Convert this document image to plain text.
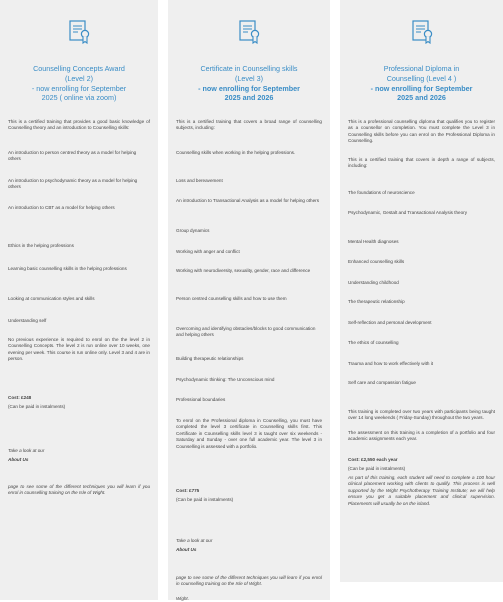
Counselling Concepts Award
(Level 2)
- now enrolling for September
2025 ( online via zoom)

This is a certified training that provides a good basic knowledge of Counselling theory and an introduction to Counselling skills:

An introduction to person centred theory as a model for helping others

An introduction to psychodynamic theory as a model for helping others

An introduction to CBT as a model for helping others

Ethics in the helping professions

Learning basic counselling skills in the helping professions

Looking at communication styles and skills

Understanding self

No previous experience is required to enrol on the the level 2 in Counselling Concepts. The level 2 is run online over 10 weeks, one evening per week. This course is run online only. Level 3 and 4 are in person.

Cost: £248

(Can be paid in instalments)

Take a look at our

About Us

page to see some of the different techniques you will learn if you enrol in counselling training on the Isle of Wight.

Certificate in Counselling skills
(Level 3)
- now enrolling for September
2025 and 2026

This is a certified training that covers a broad range of counselling subjects, including:

Counselling skills when working in the helping professions.

Loss and bereavement

An introduction to Transactional Analysis as a model for helping others

Group dynamics

Working with anger and conflict

Working with neurodiversity, sexuality, gender, race and difference

Person centred counselling skills and how to use them

Overcoming and identifying obstacles/blocks to good communication and helping others

Building therapeutic relationships

Psychodynamic thinking: The Unconscious mind

Professional boundaries

To enrol on the Professional diploma in Counselling, you must have completed the level 3 certificate in Counselling skills first. This Certificate in Counselling skills level 3 is taught over six weekends - Saturday and Sunday - over one full academic year. The level 3 in Counselling is assessed with a portfolio.

Cost: £775

(Can be paid in instalments)

Take a look at our

About Us

page to see some of the different techniques you will learn if you enrol in counselling training on the Isle of Wight.

Professional Diploma in
Counselling (Level 4 )
- now enrolling for September
2025 and 2026

This is a professional counselling diploma that qualifies you to register as a counsellor on completion. You must complete the Level 3 in Counselling skills before you can enrol on the Professional Diploma in Counselling.

This is a certified training that covers in depth a range of subjects, including:

The foundations of neuroscience

Psychodynamic, Gestalt and Transactional Analysis theory

Mental Health diagnoses

Enhanced counselling skills

Understanding childhood

The therapeutic relationship

Self-reflection and personal development

The ethics of counselling

Trauma and how to work effectively with it

Self care and compassion fatigue

This training is completed over two years with participants being taught over 14 long weekends ( Friday-Sunday) throughout the two years.

The assessment on this training is a completion of a portfolio and four academic assignments each year.

Cost: £2,550 each year

(Can be paid in instalments)

As part of this training, each student will need to complete a 100 hour clinical placement working with clients to qualify. This process is well supported by the Wight Psychotherapy Training Institute; we will help ensure you get a suitable placement and clinical supervision. Placements will usually be on the island.

Wight.
